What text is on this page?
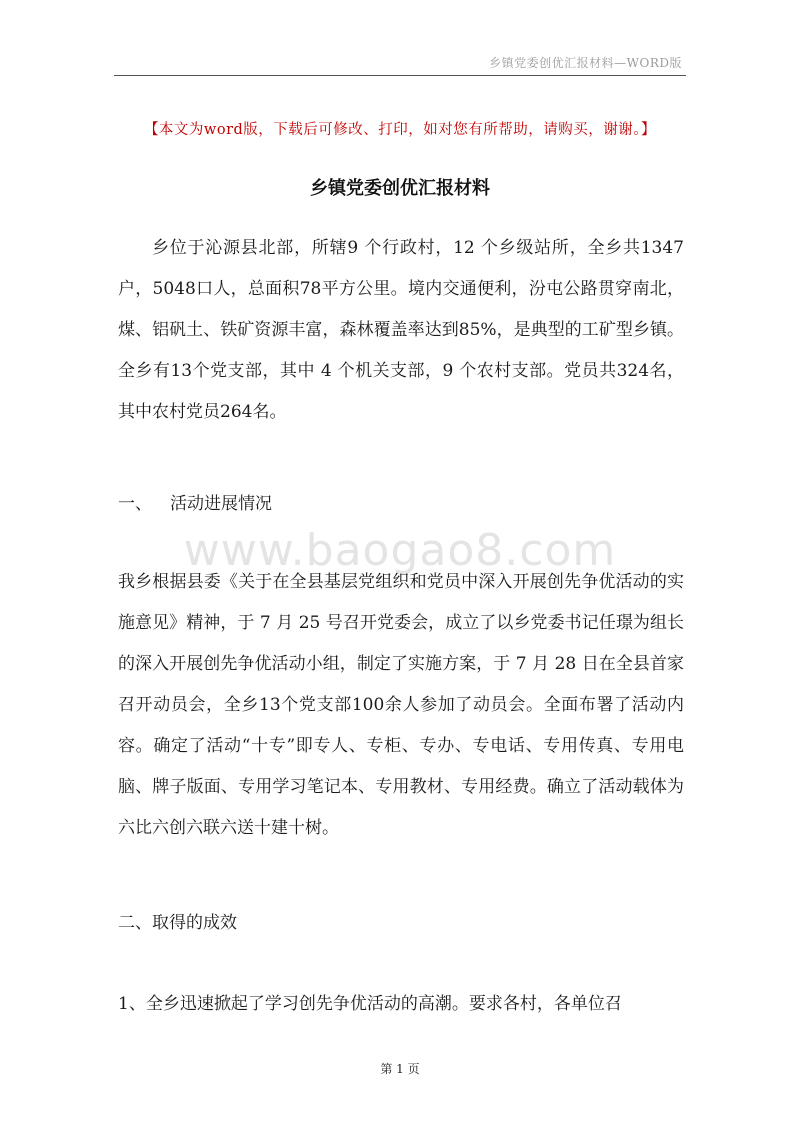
乡镇党委创优汇报材料—WORD版
【本文为word版，下载后可修改、打印，如对您有所帮助，请购买，谢谢。】
乡镇党委创优汇报材料

乡位于沁源县北部，所辖9 个行政村，12 个乡级站所，全乡共1347户，5048口人，总面积78平方公里。境内交通便利，汾屯公路贯穿南北，煤、铝矾土、铁矿资源丰富，森林覆盖率达到85%，是典型的工矿型乡镇。全乡有13个党支部，其中 4 个机关支部，9 个农村支部。党员共324名，其中农村党员264名。

一、 活动进展情况

www.baogao8.com

我乡根据县委《关于在全县基层党组织和党员中深入开展创先争优活动的实施意见》精神，于 7 月 25 号召开党委会，成立了以乡党委书记任璟为组长的深入开展创先争优活动小组，制定了实施方案，于 7 月 28 日在全县首家召开动员会，全乡13个党支部100余人参加了动员会。全面布署了活动内容。确定了活动“十专”即专人、专柜、专办、专电话、专用传真、专用电脑、牌子版面、专用学习笔记本、专用教材、专用经费。确立了活动载体为六比六创六联六送十建十树。

二、取得的成效

1、全乡迅速掀起了学习创先争优活动的高潮。要求各村，各单位召

第 1 页
